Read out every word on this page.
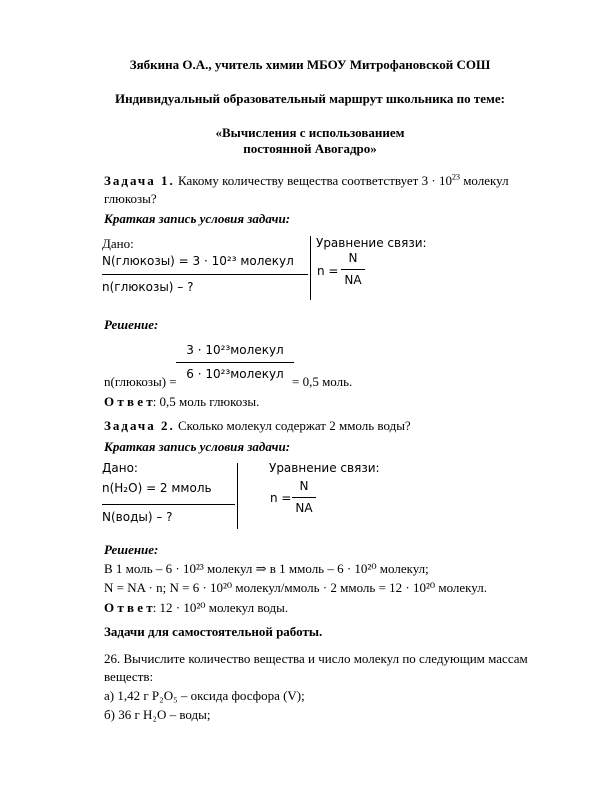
Зябкина О.А., учитель химии МБОУ Митрофановской СОШ
Индивидуальный образовательный маршрут школьника по теме:
«Вычисления с использованием
постоянной Авогадро»
Задача 1. Какому количеству вещества соответствует $3 \cdot 10^{23}$ молекул
глюкозы?
Краткая запись условия задачи:
Дано:
N(глюкозы) = 3 · 10²³ молекул
n(глюкозы) – ?
Уравнение связи:
n =
N
NA
Решение:
3 · 10²³молекул
6 · 10²³молекул
n(глюкозы) =	= 0,5 моль.
О т в е т: 0,5 моль глюкозы.
Задача 2. Сколько молекул содержат 2 ммоль воды?
Краткая запись условия задачи:
Дано:
n(H₂O) = 2 ммоль
N(воды) – ?
Уравнение связи:
n =
N
NA
Решение:
В 1 моль – 6 · 10²³ молекул ⇒ в 1 ммоль – 6 · 10²⁰ молекул;
N = NA · n; N = 6 · 10²⁰ молекул/ммоль · 2 ммоль = 12 · 10²⁰ молекул.
О т в е т: 12 · 10²⁰ молекул воды.
Задачи для самостоятельной работы.
26. Вычислите количество вещества и число молекул по следующим массам
веществ:
а) 1,42 г P₂O₅ – оксида фосфора (V);
б) 36 г H₂O – воды;
